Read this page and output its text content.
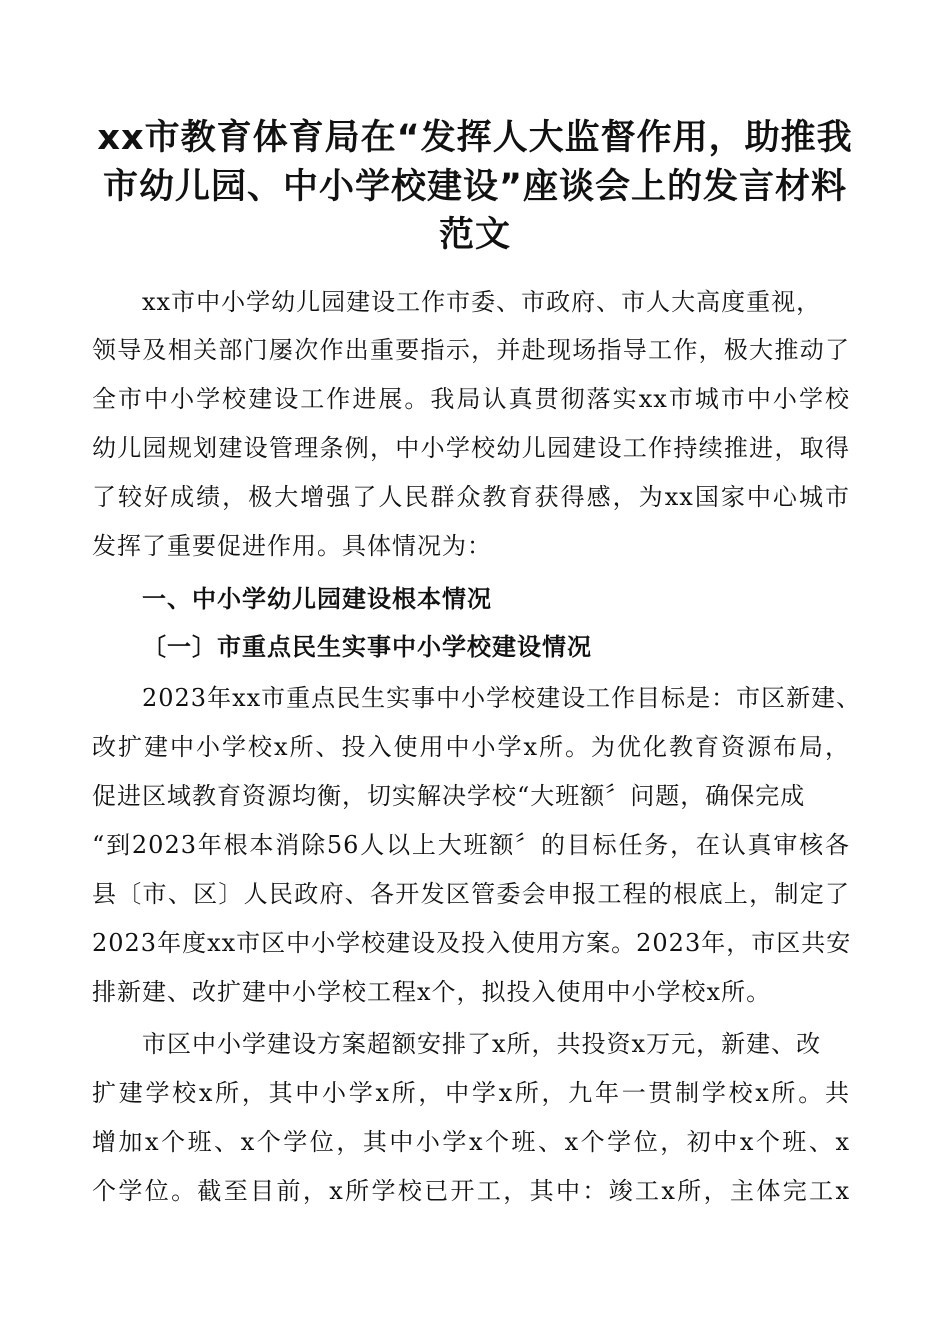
xx市教育体育局在“发挥人大监督作用，助推我
市幼儿园、中小学校建设”座谈会上的发言材料
范文

xx市中小学幼儿园建设工作市委、市政府、市人大高度重视，

领导及相关部门屡次作出重要指示，并赴现场指导工作，极大推动了

全市中小学校建设工作进展。我局认真贯彻落实xx市城市中小学校

幼儿园规划建设管理条例，中小学校幼儿园建设工作持续推进，取得

了较好成绩，极大增强了人民群众教育获得感，为xx国家中心城市

发挥了重要促进作用。具体情况为：

一、中小学幼儿园建设根本情况
〔一〕市重点民生实事中小学校建设情况

2023年xx市重点民生实事中小学校建设工作目标是：市区新建、

改扩建中小学校x所、投入使用中小学x所。为优化教育资源布局，

促进区域教育资源均衡，切实解决学校“大班额〞问题，确保完成

“到2023年根本消除56人以上大班额〞的目标任务，在认真审核各

县〔市、区〕人民政府、各开发区管委会申报工程的根底上，制定了

2023年度xx市区中小学校建设及投入使用方案。2023年，市区共安

排新建、改扩建中小学校工程x个，拟投入使用中小学校x所。

市区中小学建设方案超额安排了x所，共投资x万元，新建、改

扩建学校x所，其中小学x所，中学x所，九年一贯制学校x所。共

增加x个班、x个学位，其中小学x个班、x个学位，初中x个班、x

个学位。截至目前，x所学校已开工，其中：竣工x所，主体完工x
